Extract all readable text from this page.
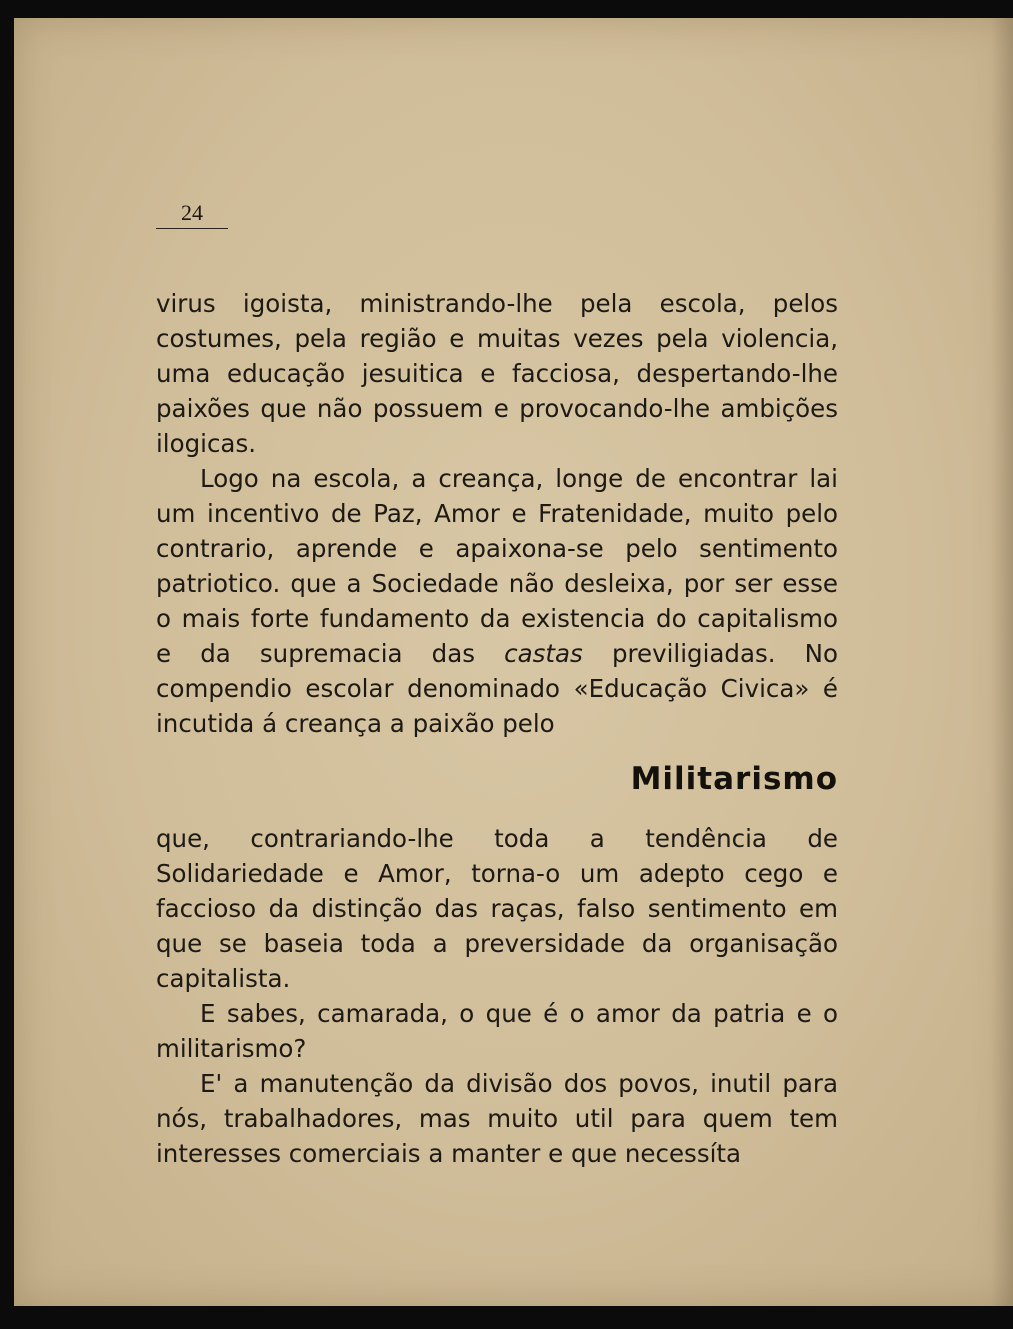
24

virus igoista, ministrando-lhe pela escola, pelos costumes, pela região e muitas vezes pela violencia, uma educação jesuitica e facciosa, despertando-lhe paixões que não possuem e provocando-lhe ambições ilogicas.

Logo na escola, a creança, longe de encontrar lai um incentivo de Paz, Amor e Fratenidade, muito pelo contrario, aprende e apaixona-se pelo sentimento patriotico. que a Sociedade não desleixa, por ser esse o mais forte fundamento da existencia do capitalismo e da supremacia das castas previligiadas. No compendio escolar denominado «Educação Civica» é incutida á creança a paixão pelo

Militarismo

que, contrariando-lhe toda a tendência de Solidariedade e Amor, torna-o um adepto cego e faccioso da distinção das raças, falso sentimento em que se baseia toda a preversidade da organisação capitalista.

E sabes, camarada, o que é o amor da patria e o militarismo?

E' a manutenção da divisão dos povos, inutil para nós, trabalhadores, mas muito util para quem tem interesses comerciais a manter e que necessíta
